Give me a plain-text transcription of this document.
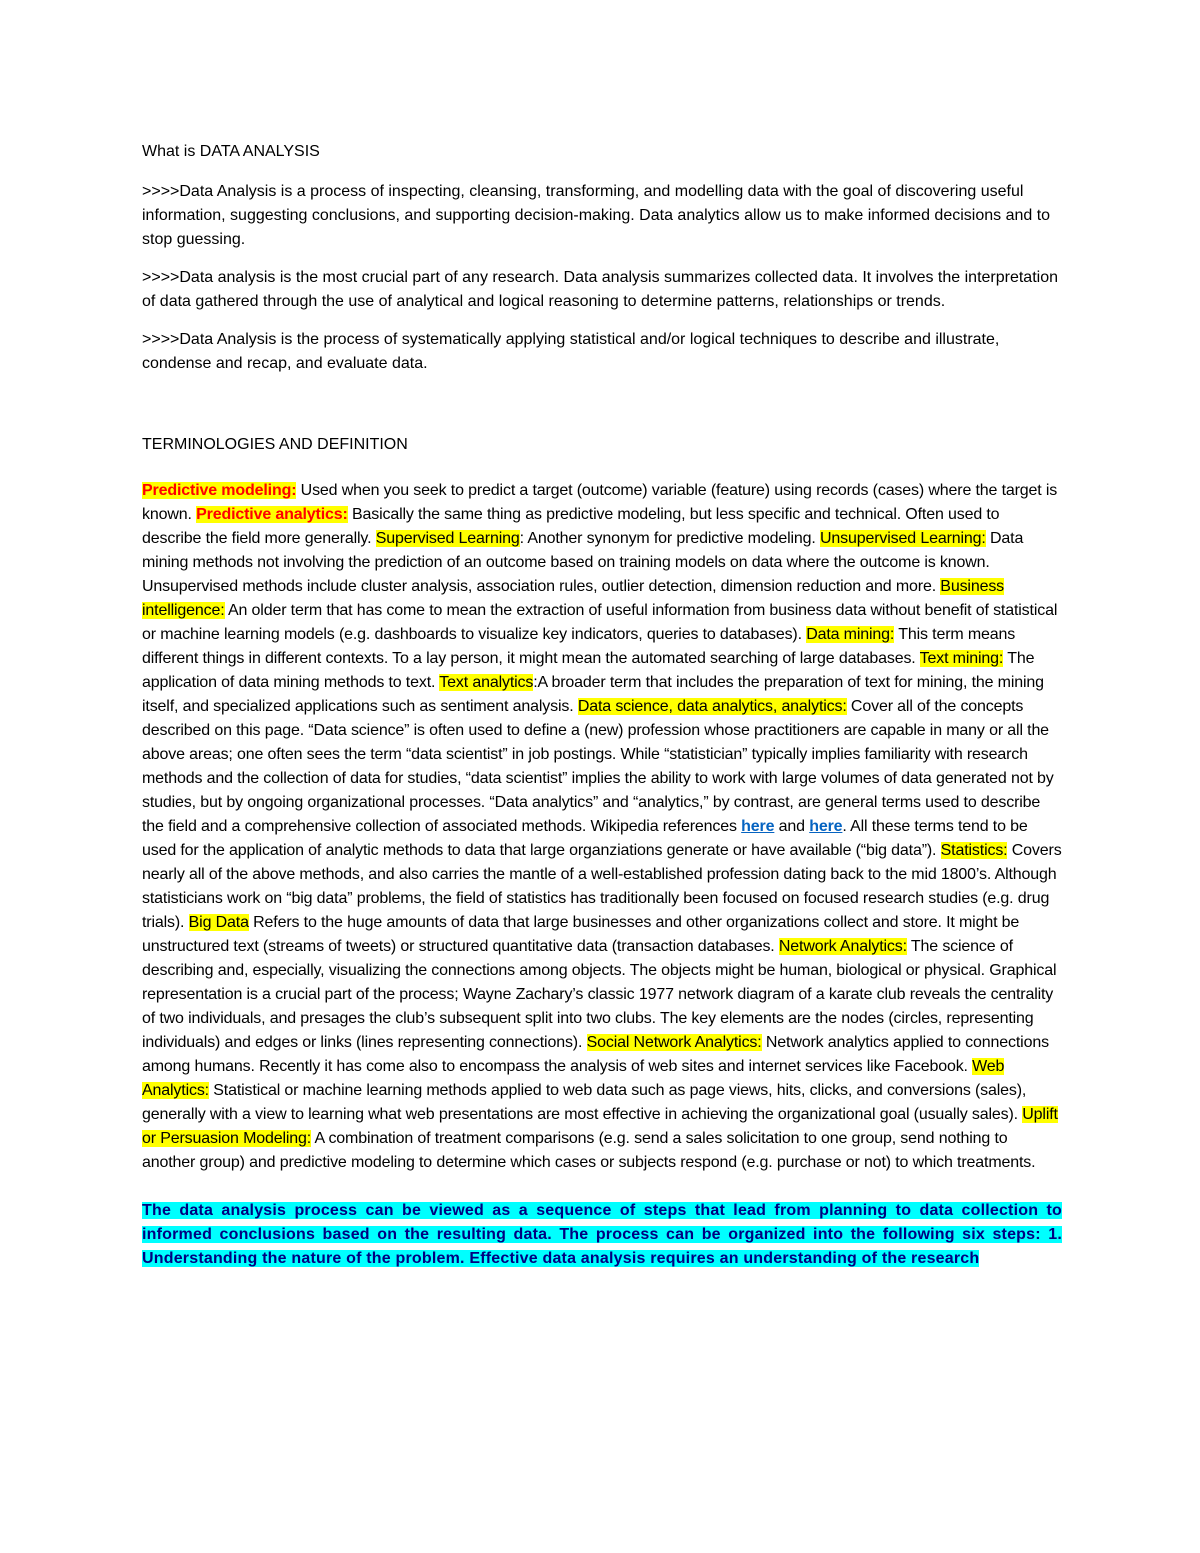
What is DATA ANALYSIS

>>>>Data Analysis is a process of inspecting, cleansing, transforming, and modelling data with the goal of discovering useful information, suggesting conclusions, and supporting decision-making. Data analytics allow us to make informed decisions and to stop guessing.

>>>>Data analysis is the most crucial part of any research. Data analysis summarizes collected data. It involves the interpretation of data gathered through the use of analytical and logical reasoning to determine patterns, relationships or trends.

>>>>Data Analysis is the process of systematically applying statistical and/or logical techniques to describe and illustrate, condense and recap, and evaluate data.

TERMINOLOGIES AND DEFINITION

Predictive modeling: Used when you seek to predict a target (outcome) variable (feature) using records (cases) where the target is known. Predictive analytics: Basically the same thing as predictive modeling, but less specific and technical. Often used to describe the field more generally. Supervised Learning: Another synonym for predictive modeling. Unsupervised Learning: Data mining methods not involving the prediction of an outcome based on training models on data where the outcome is known. Unsupervised methods include cluster analysis, association rules, outlier detection, dimension reduction and more. Business intelligence: An older term that has come to mean the extraction of useful information from business data without benefit of statistical or machine learning models (e.g. dashboards to visualize key indicators, queries to databases). Data mining: This term means different things in different contexts. To a lay person, it might mean the automated searching of large databases. Text mining: The application of data mining methods to text. Text analytics:A broader term that includes the preparation of text for mining, the mining itself, and specialized applications such as sentiment analysis. Data science, data analytics, analytics: Cover all of the concepts described on this page. “Data science” is often used to define a (new) profession whose practitioners are capable in many or all the above areas; one often sees the term “data scientist” in job postings. While “statistician” typically implies familiarity with research methods and the collection of data for studies, “data scientist” implies the ability to work with large volumes of data generated not by studies, but by ongoing organizational processes. “Data analytics” and “analytics,” by contrast, are general terms used to describe the field and a comprehensive collection of associated methods. Wikipedia references here and here. All these terms tend to be used for the application of analytic methods to data that large organziations generate or have available (“big data”). Statistics: Covers nearly all of the above methods, and also carries the mantle of a well-established profession dating back to the mid 1800’s. Although statisticians work on “big data” problems, the field of statistics has traditionally been focused on focused research studies (e.g. drug trials). Big Data Refers to the huge amounts of data that large businesses and other organizations collect and store. It might be unstructured text (streams of tweets) or structured quantitative data (transaction databases. Network Analytics: The science of describing and, especially, visualizing the connections among objects. The objects might be human, biological or physical. Graphical representation is a crucial part of the process; Wayne Zachary’s classic 1977 network diagram of a karate club reveals the centrality of two individuals, and presages the club’s subsequent split into two clubs. The key elements are the nodes (circles, representing individuals) and edges or links (lines representing connections). Social Network Analytics: Network analytics applied to connections among humans. Recently it has come also to encompass the analysis of web sites and internet services like Facebook. Web Analytics: Statistical or machine learning methods applied to web data such as page views, hits, clicks, and conversions (sales), generally with a view to learning what web presentations are most effective in achieving the organizational goal (usually sales). Uplift or Persuasion Modeling: A combination of treatment comparisons (e.g. send a sales solicitation to one group, send nothing to another group) and predictive modeling to determine which cases or subjects respond (e.g. purchase or not) to which treatments.

The data analysis process can be viewed as a sequence of steps that lead from planning to data collection to informed conclusions based on the resulting data. The process can be organized into the following six steps: 1. Understanding the nature of the problem. Effective data analysis requires an understanding of the research
